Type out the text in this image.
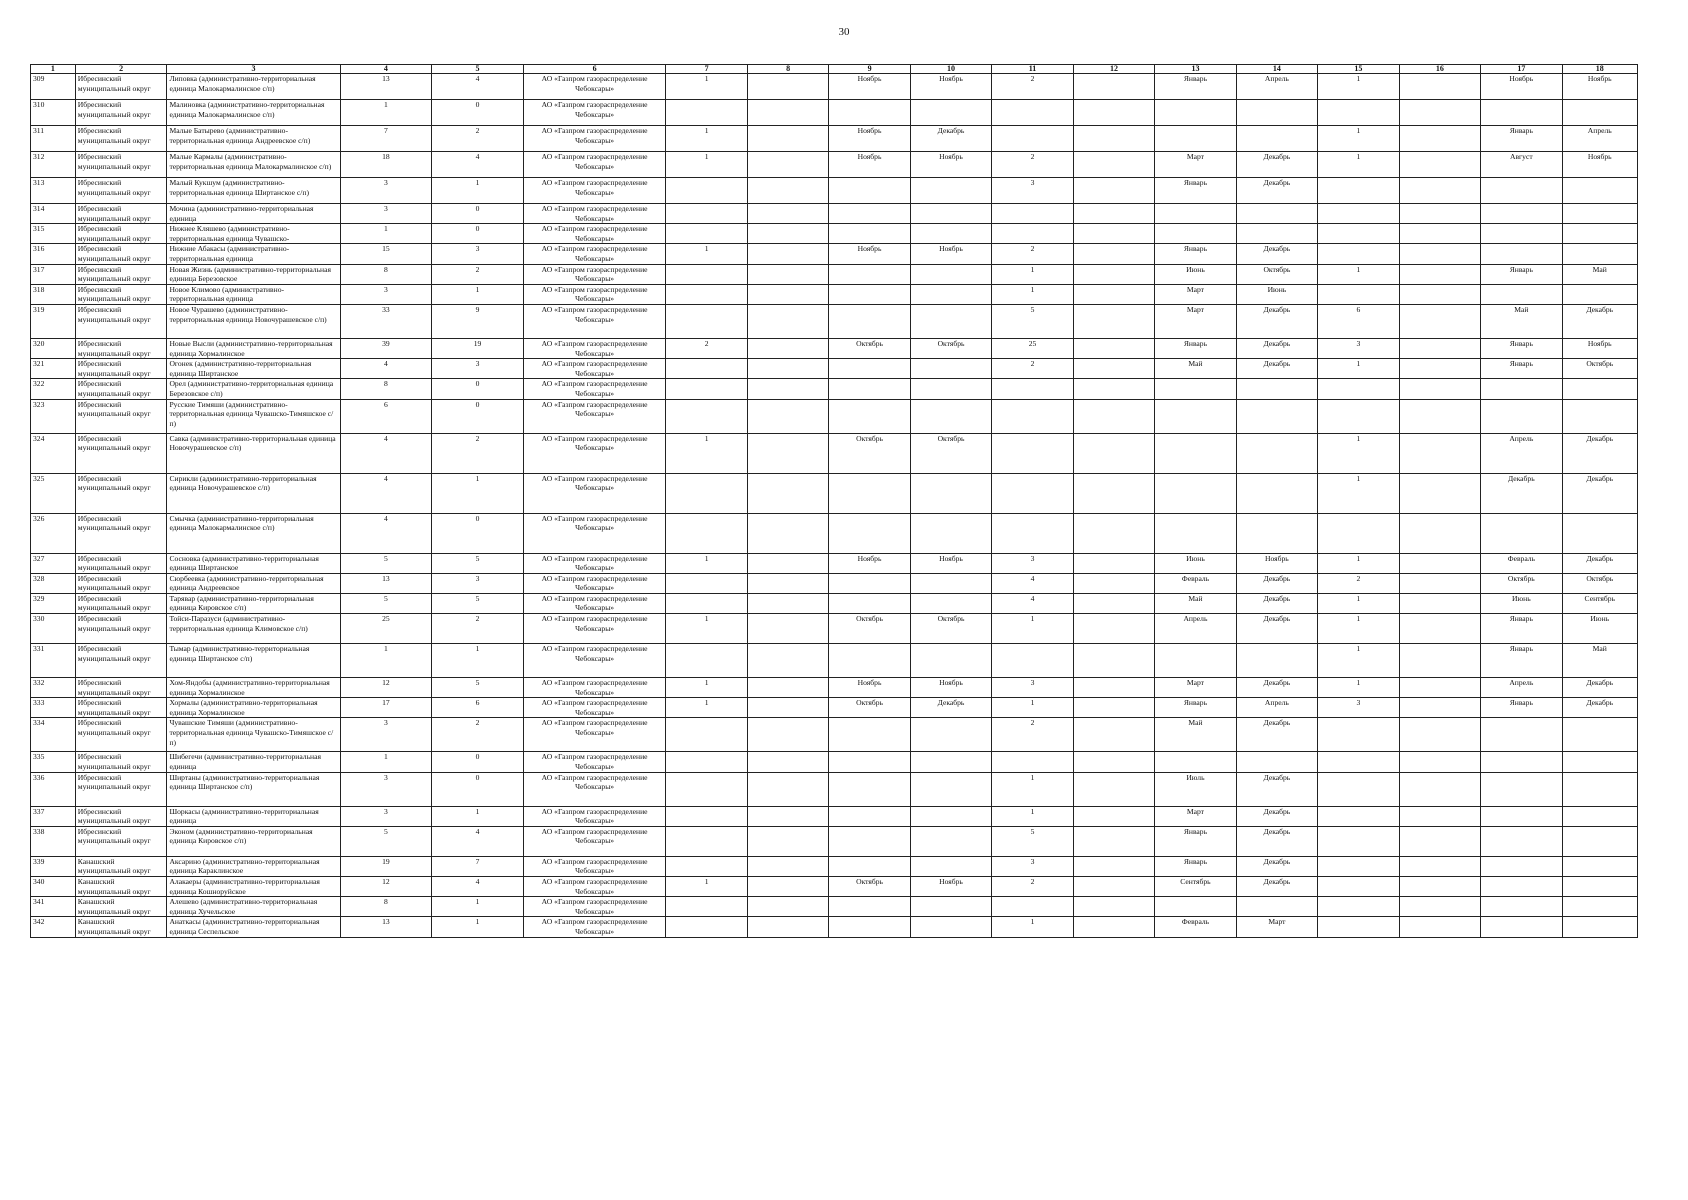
30
1	2	3	4	5	6	7	8	9	10	11	12	13	14	15	16	17	18
309	Ибресинский муниципальный округ	Липовка (административно-территориальная единица Малокармалинское с/п)	13	4	АО «Газпром газораспределение Чебоксары»	1		Ноябрь	Ноябрь	2		Январь	Апрель	1		Ноябрь	Ноябрь
310	Ибресинский муниципальный округ	Малиновка (административно-территориальная единица Малокармалинское с/п)	1	0	АО «Газпром газораспределение Чебоксары»												
311	Ибресинский муниципальный округ	Малые Батырево (административно-территориальная единица Андреевское с/п)	7	2	АО «Газпром газораспределение Чебоксары»	1		Ноябрь	Декабрь					1		Январь	Апрель
312	Ибресинский муниципальный округ	Малые Кармалы (административно-территориальная единица Малокармалинское с/п)	18	4	АО «Газпром газораспределение Чебоксары»	1		Ноябрь	Ноябрь	2		Март	Декабрь	1		Август	Ноябрь
313	Ибресинский муниципальный округ	Малый Кукшум (административно-территориальная единица Ширтанское с/п)	3	1	АО «Газпром газораспределение Чебоксары»					3		Январь	Декабрь				
314	Ибресинский муниципальный округ	Мочина (административно-территориальная единица	3	0	АО «Газпром газораспределение Чебоксары»												
315	Ибресинский муниципальный округ	Нижнее Кляшево (административно-территориальная единица Чувашско-	1	0	АО «Газпром газораспределение Чебоксары»												
316	Ибресинский муниципальный округ	Нижние Абакасы (административно-территориальная единица	15	3	АО «Газпром газораспределение Чебоксары»	1		Ноябрь	Ноябрь	2		Январь	Декабрь				
317	Ибресинский муниципальный округ	Новая Жизнь (административно-территориальная единица Березовское	8	2	АО «Газпром газораспределение Чебоксары»					1		Июнь	Октябрь	1		Январь	Май
318	Ибресинский муниципальный округ	Новое Климово (административно-территориальная единица	3	1	АО «Газпром газораспределение Чебоксары»					1		Март	Июнь				
319	Ибресинский муниципальный округ	Новое Чурашево (административно-территориальная единица Новочурашевское с/п)	33	9	АО «Газпром газораспределение Чебоксары»					5		Март	Декабрь	6		Май	Декабрь
320	Ибресинский муниципальный округ	Новые Высли (административно-территориальная единица Хормалинское	39	19	АО «Газпром газораспределение Чебоксары»	2		Октябрь	Октябрь	25		Январь	Декабрь	3		Январь	Ноябрь
321	Ибресинский муниципальный округ	Огонек (административно-территориальная единица Ширтанское	4	3	АО «Газпром газораспределение Чебоксары»					2		Май	Декабрь	1		Январь	Октябрь
322	Ибресинский муниципальный округ	Орел (административно-территориальная единица Березовское с/п)	8	0	АО «Газпром газораспределение Чебоксары»												
323	Ибресинский муниципальный округ	Русские Тимяши (административно-территориальная единица Чувашско-Тимяшское с/п)	6	0	АО «Газпром газораспределение Чебоксары»												
324	Ибресинский муниципальный округ	Савка (административно-территориальная единица Новочурашевское с/п)	4	2	АО «Газпром газораспределение Чебоксары»	1		Октябрь	Октябрь					1		Апрель	Декабрь
325	Ибресинский муниципальный округ	Сирикли (административно-территориальная единица Новочурашевское с/п)	4	1	АО «Газпром газораспределение Чебоксары»									1		Декабрь	Декабрь
326	Ибресинский муниципальный округ	Смычка (административно-территориальная единица Малокармалинское с/п)	4	0	АО «Газпром газораспределение Чебоксары»												
327	Ибресинский муниципальный округ	Сосновка (административно-территориальная единица Ширтанское	5	5	АО «Газпром газораспределение Чебоксары»	1		Ноябрь	Ноябрь	3		Июнь	Ноябрь	1		Февраль	Декабрь
328	Ибресинский муниципальный округ	Сюрбеевка (административно-территориальная единица Андреевское	13	3	АО «Газпром газораспределение Чебоксары»					4		Февраль	Декабрь	2		Октябрь	Октябрь
329	Ибресинский муниципальный округ	Тарявар (административно-территориальная единица Кировское с/п)	5	5	АО «Газпром газораспределение Чебоксары»					4		Май	Декабрь	1		Июнь	Сентябрь
330	Ибресинский муниципальный округ	Тойси-Паразуси (административно-территориальная единица Климовское с/п)	25	2	АО «Газпром газораспределение Чебоксары»	1		Октябрь	Октябрь	1		Апрель	Декабрь	1		Январь	Июнь
331	Ибресинский муниципальный округ	Тымар (административно-территориальная единица Ширтанское с/п)	1	1	АО «Газпром газораспределение Чебоксары»									1		Январь	Май
332	Ибресинский муниципальный округ	Хом-Яндобы (административно-территориальная единица Хормалинское	12	5	АО «Газпром газораспределение Чебоксары»	1		Ноябрь	Ноябрь	3		Март	Декабрь	1		Апрель	Декабрь
333	Ибресинский муниципальный округ	Хормалы (административно-территориальная единица Хормалинское	17	6	АО «Газпром газораспределение Чебоксары»	1		Октябрь	Декабрь	1		Январь	Апрель	3		Январь	Декабрь
334	Ибресинский муниципальный округ	Чувашские Тимяши (административно-территориальная единица Чувашско-Тимяшское с/п)	3	2	АО «Газпром газораспределение Чебоксары»					2		Май	Декабрь				
335	Ибресинский муниципальный округ	Шибегечи (административно-территориальная единица	1	0	АО «Газпром газораспределение Чебоксары»												
336	Ибресинский муниципальный округ	Ширтаны (административно-территориальная единица Ширтанское с/п)	3	0	АО «Газпром газораспределение Чебоксары»					1		Июль	Декабрь				
337	Ибресинский муниципальный округ	Шоркасы (административно-территориальная единица	3	1	АО «Газпром газораспределение Чебоксары»					1		Март	Декабрь				
338	Ибресинский муниципальный округ	Эконом (административно-территориальная единица Кировское с/п)	5	4	АО «Газпром газораспределение Чебоксары»					5		Январь	Декабрь				
339	Канашский муниципальный округ	Аксарино (административно-территориальная единица Караклинское	19	7	АО «Газпром газораспределение Чебоксары»					3		Январь	Декабрь				
340	Канашский муниципальный округ	Алакаеры (административно-территориальная единица Кошноруйское	12	4	АО «Газпром газораспределение Чебоксары»	1		Октябрь	Ноябрь	2		Сентябрь	Декабрь				
341	Канашский муниципальный округ	Алешево (административно-территориальная единица Хучельское	8	1	АО «Газпром газораспределение Чебоксары»												
342	Канашский муниципальный округ	Анаткасы (административно-территориальная единица Сеспельское	13	1	АО «Газпром газораспределение Чебоксары»					1		Февраль	Март				
